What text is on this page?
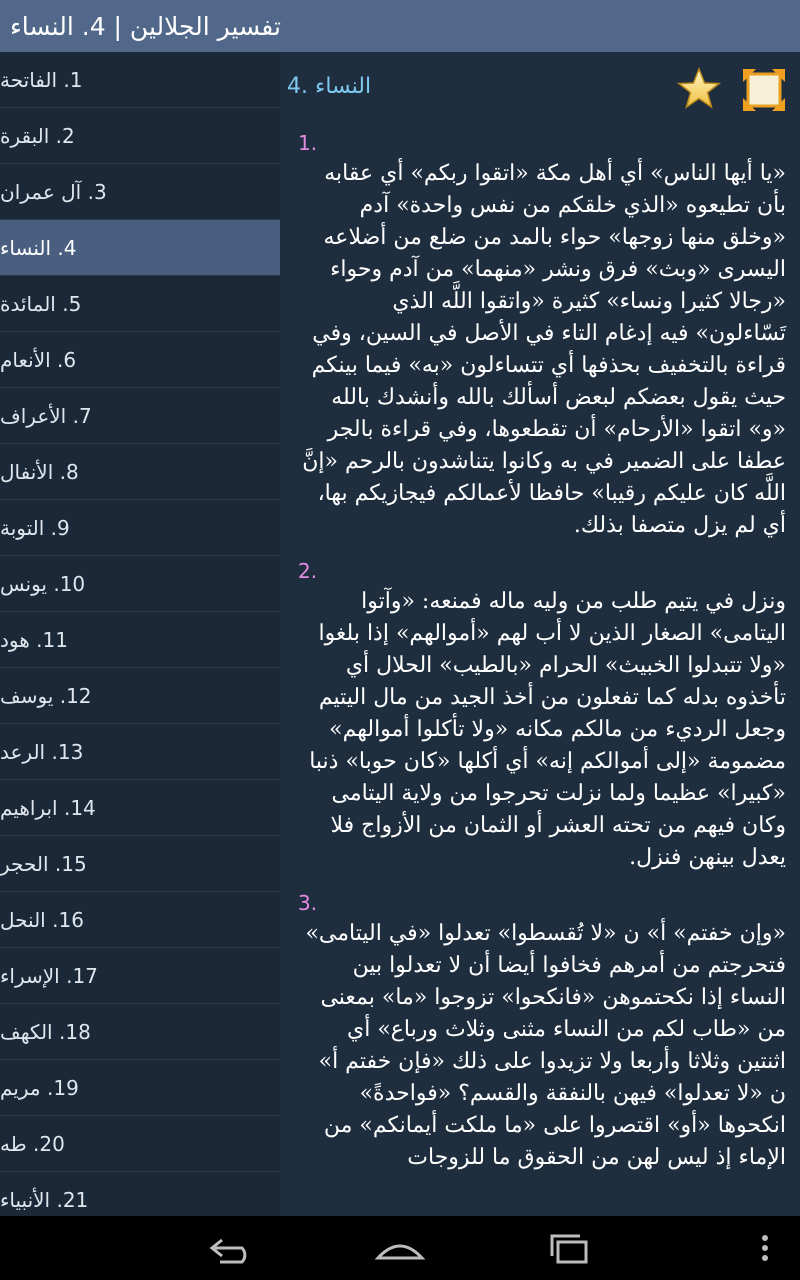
تفسير الجلالين | 4. النساء
1. الفاتحة
2. البقرة
3. آل عمران
4. النساء
5. المائدة
6. الأنعام
7. الأعراف
8. الأنفال
9. التوبة
10. يونس
11. هود
12. يوسف
13. الرعد
14. ابراهيم
15. الحجر
16. النحل
17. الإسراء
18. الكهف
19. مريم
20. طه
21. الأنبياء
4. النساء
1.
«يا أيها الناس» أي أهل مكة «اتقوا ربكم» أي عقابه بأن تطيعوه «الذي خلقكم من نفس واحدة» آدم «وخلق منها زوجها» حواء بالمد من ضلع من أضلاعه اليسرى «وبث» فرق ونشر «منهما» من آدم وحواء «رجالا كثيرا ونساء» كثيرة «واتقوا اللَّه الذي تَسّاءلون» فيه إدغام التاء في الأصل في السين، وفي قراءة بالتخفيف بحذفها أي تتساءلون «به» فيما بينكم حيث يقول بعضكم لبعض أسألك بالله وأنشدك بالله «و» اتقوا «الأرحام» أن تقطعوها، وفي قراءة بالجر عطفا على الضمير في به وكانوا يتناشدون بالرحم «إنَّ اللَّه كان عليكم رقيبا» حافظا لأعمالكم فيجازيكم بها، أي لم يزل متصفا بذلك.
2.
ونزل في يتيم طلب من وليه ماله فمنعه: «وآتوا اليتامى» الصغار الذين لا أب لهم «أموالهم» إذا بلغوا «ولا تتبدلوا الخبيث» الحرام «بالطيب» الحلال أي تأخذوه بدله كما تفعلون من أخذ الجيد من مال اليتيم وجعل الرديء من مالكم مكانه «ولا تأكلوا أموالهم» مضمومة «إلى أموالكم إنه» أي أكلها «كان حوبا» ذنبا «كبيرا» عظيما ولما نزلت تحرجوا من ولاية اليتامى وكان فيهم من تحته العشر أو الثمان من الأزواج فلا يعدل بينهن فنزل.
3.
«وإن خفتم» أ» ن «لا تُقسطوا» تعدلوا «في اليتامى» فتحرجتم من أمرهم فخافوا أيضا أن لا تعدلوا بين النساء إذا نكحتموهن «فانكحوا» تزوجوا «ما» بمعنى من «طاب لكم من النساء مثنى وثلاث ورباع» أي اثنتين وثلاثا وأربعا ولا تزيدوا على ذلك «فإن خفتم أ» ن «لا تعدلوا» فيهن بالنفقة والقسم؟ «فواحدةً» انكحوها «أو» اقتصروا على «ما ملكت أيمانكم» من الإماء إذ ليس لهن من الحقوق ما للزوجات
